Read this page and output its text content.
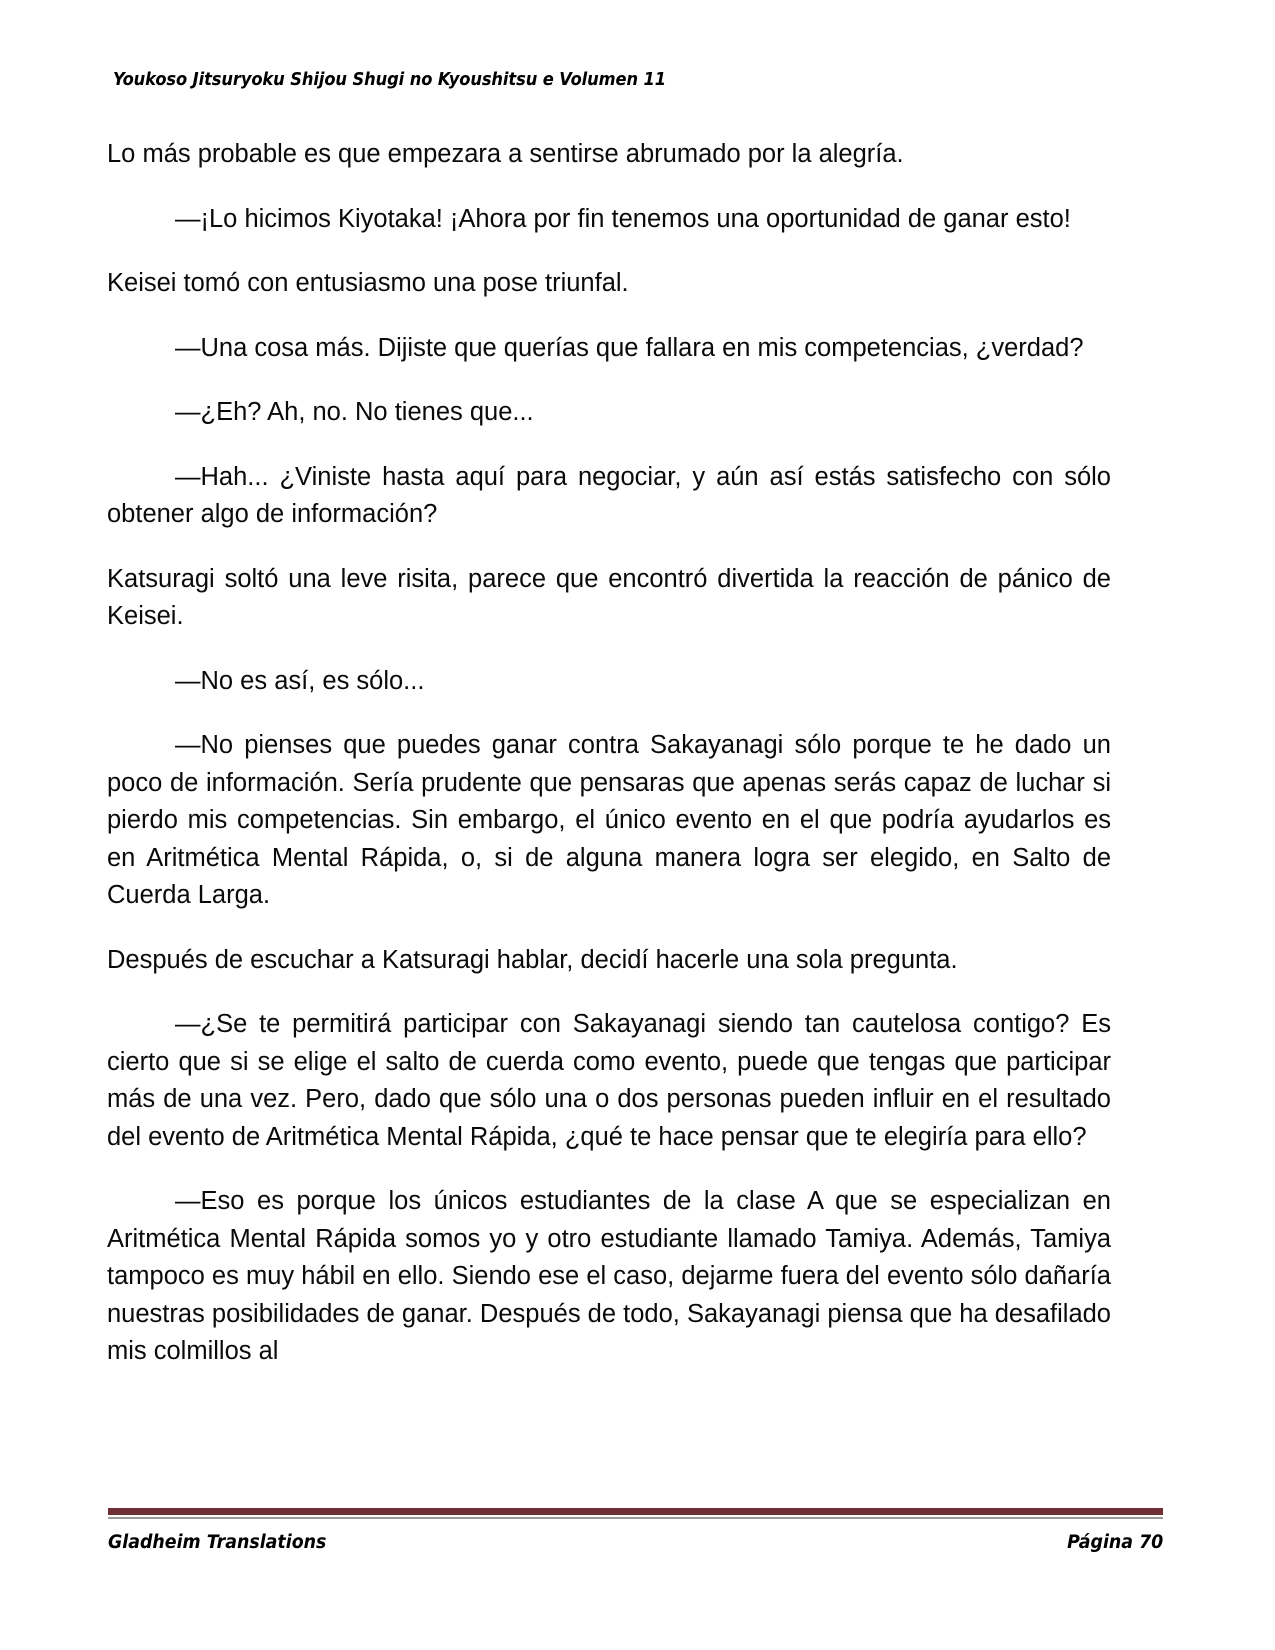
Youkoso Jitsuryoku Shijou Shugi no Kyoushitsu e Volumen 11

Lo más probable es que empezara a sentirse abrumado por la alegría.

—¡Lo hicimos Kiyotaka! ¡Ahora por fin tenemos una oportunidad de ganar esto!

Keisei tomó con entusiasmo una pose triunfal.

—Una cosa más. Dijiste que querías que fallara en mis competencias, ¿verdad?

—¿Eh? Ah, no. No tienes que...

—Hah... ¿Viniste hasta aquí para negociar, y aún así estás satisfecho con sólo obtener algo de información?

Katsuragi soltó una leve risita, parece que encontró divertida la reacción de pánico de Keisei.

—No es así, es sólo...

—No pienses que puedes ganar contra Sakayanagi sólo porque te he dado un poco de información. Sería prudente que pensaras que apenas serás capaz de luchar si pierdo mis competencias. Sin embargo, el único evento en el que podría ayudarlos es en Aritmética Mental Rápida, o, si de alguna manera logra ser elegido, en Salto de Cuerda Larga.

Después de escuchar a Katsuragi hablar, decidí hacerle una sola pregunta.

—¿Se te permitirá participar con Sakayanagi siendo tan cautelosa contigo? Es cierto que si se elige el salto de cuerda como evento, puede que tengas que participar más de una vez. Pero, dado que sólo una o dos personas pueden influir en el resultado del evento de Aritmética Mental Rápida, ¿qué te hace pensar que te elegiría para ello?

—Eso es porque los únicos estudiantes de la clase A que se especializan en Aritmética Mental Rápida somos yo y otro estudiante llamado Tamiya. Además, Tamiya tampoco es muy hábil en ello. Siendo ese el caso, dejarme fuera del evento sólo dañaría nuestras posibilidades de ganar. Después de todo, Sakayanagi piensa que ha desafilado mis colmillos al

Gladheim Translations	Página 70
